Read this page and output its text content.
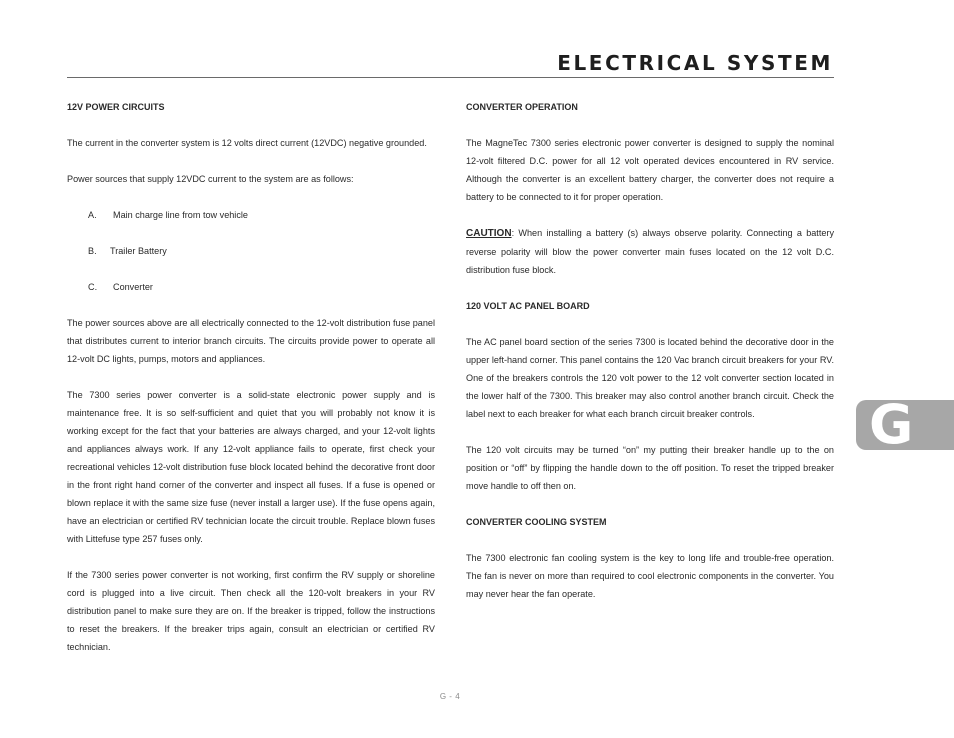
ELECTRICAL SYSTEM
12V POWER CIRCUITS
The current in the converter system is 12 volts direct current (12VDC) negative grounded.
Power sources that supply 12VDC current to the system are as follows:
A. Main charge line from tow vehicle
B. Trailer Battery
C. Converter
The power sources above are all electrically connected to the 12-volt distribution fuse panel that distributes current to interior branch circuits. The circuits provide power to operate all 12-volt DC lights, pumps, motors and appliances.
The 7300 series power converter is a solid-state electronic power supply and is maintenance free. It is so self-sufficient and quiet that you will probably not know it is working except for the fact that your batteries are always charged, and your 12-volt lights and appliances always work. If any 12-volt appliance fails to operate, first check your recreational vehicles 12-volt distribution fuse block located behind the decorative front door in the front right hand corner of the converter and inspect all fuses. If a fuse is opened or blown replace it with the same size fuse (never install a larger use). If the fuse opens again, have an electrician or certified RV technician locate the circuit trouble. Replace blown fuses with Littefuse type 257 fuses only.
If the 7300 series power converter is not working, first confirm the RV supply or shoreline cord is plugged into a live circuit. Then check all the 120-volt breakers in your RV distribution panel to make sure they are on. If the breaker is tripped, follow the instructions to reset the breakers. If the breaker trips again, consult an electrician or certified RV technician.
CONVERTER OPERATION
The MagneTec 7300 series electronic power converter is designed to supply the nominal 12-volt filtered D.C. power for all 12 volt operated devices encountered in RV service. Although the converter is an excellent battery charger, the converter does not require a battery to be connected to it for proper operation.
CAUTION: When installing a battery (s) always observe polarity. Connecting a battery reverse polarity will blow the power converter main fuses located on the 12 volt D.C. distribution fuse block.
120 VOLT AC PANEL BOARD
The AC panel board section of the series 7300 is located behind the decorative door in the upper left-hand corner. This panel contains the 120 Vac branch circuit breakers for your RV. One of the breakers controls the 120 volt power to the 12 volt converter section located in the lower half of the 7300. This breaker may also control another branch circuit. Check the label next to each breaker for what each branch circuit breaker controls.
The 120 volt circuits may be turned “on” my putting their breaker handle up to the on position or “off” by flipping the handle down to the off position. To reset the tripped breaker move handle to off then on.
CONVERTER COOLING SYSTEM
The 7300 electronic fan cooling system is the key to long life and trouble-free operation. The fan is never on more than required to cool electronic components in the converter. You may never hear the fan operate.
G
G - 4
